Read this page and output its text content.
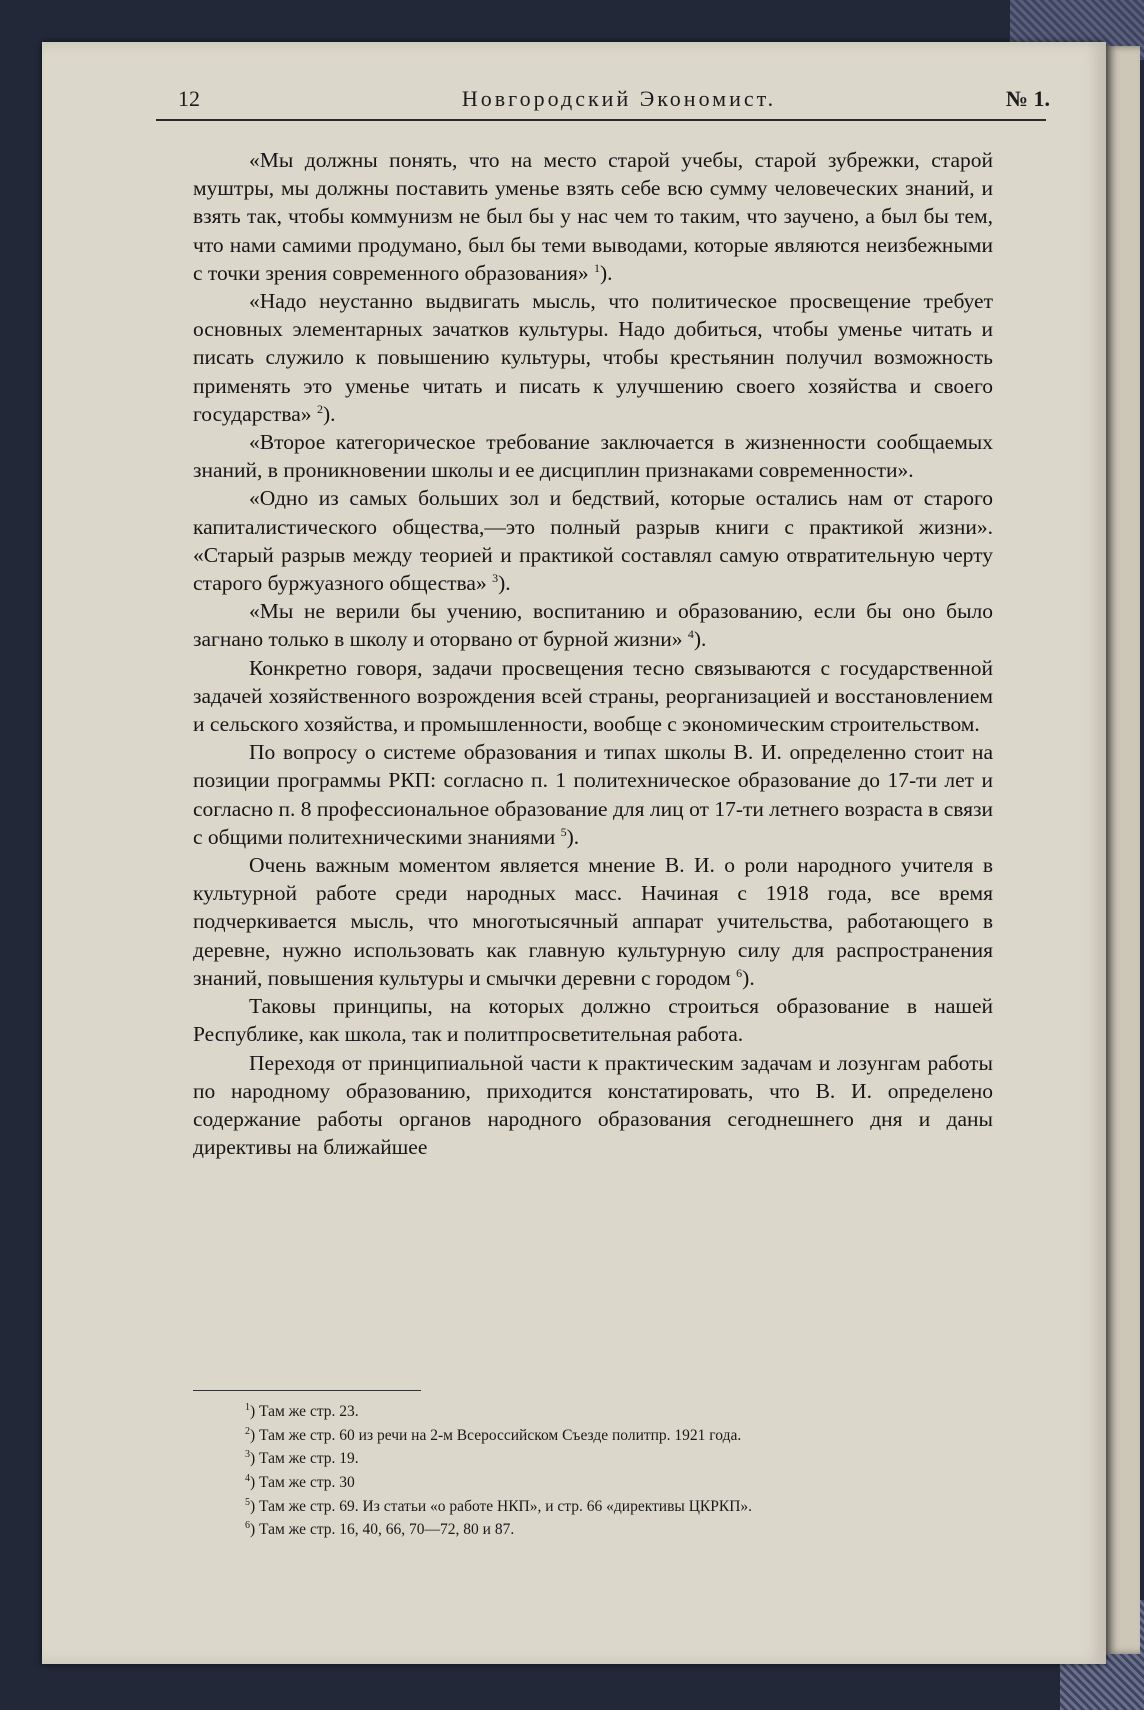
12	Новгородский Экономист.	№ 1.

«Мы должны понять, что на место старой учебы, старой зубрежки, старой муштры, мы должны поставить уменье взять себе всю сумму человеческих знаний, и взять так, чтобы коммунизм не был бы у нас чем то таким, что заучено, а был бы тем, что нами самими продумано, был бы теми выводами, которые являются неизбежными с точки зрения современного образования» $^1$).

«Надо неустанно выдвигать мысль, что политическое просвещение требует основных элементарных зачатков культуры. Надо добиться, чтобы уменье читать и писать служило к повышению культуры, чтобы крестьянин получил возможность применять это уменье читать и писать к улучшению своего хозяйства и своего государства» $^2$).

«Второе категорическое требование заключается в жизненности сообщаемых знаний, в проникновении школы и ее дисциплин признаками современности».

«Одно из самых больших зол и бедствий, которые остались нам от старого капиталистического общества,—это полный разрыв книги с практикой жизни». «Старый разрыв между теорией и практикой составлял самую отвратительную черту старого буржуазного общества» $^3$).

«Мы не верили бы учению, воспитанию и образованию, если бы оно было загнано только в школу и оторвано от бурной жизни» $^4$).

Конкретно говоря, задачи просвещения тесно связываются с государственной задачей хозяйственного возрождения всей страны, реорганизацией и восстановлением и сельского хозяйства, и промышленности, вообще с экономическим строительством.

По вопросу о системе образования и типах школы В. И. определенно стоит на позиции программы РКП: согласно п. 1 политехническое образование до 17-ти лет и согласно п. 8 профессиональное образование для лиц от 17-ти летнего возраста в связи с общими политехническими знаниями $^5$).

Очень важным моментом является мнение В. И. о роли народного учителя в культурной работе среди народных масс. Начиная с 1918 года, все время подчеркивается мысль, что многотысячный аппарат учительства, работающего в деревне, нужно использовать как главную культурную силу для распространения знаний, повышения культуры и смычки деревни с городом $^6$).

Таковы принципы, на которых должно строиться образование в нашей Республике, как школа, так и политпросветительная работа.

Переходя от принципиальной части к практическим задачам и лозунгам работы по народному образованию, приходится констатировать, что В. И. определено содержание работы органов народного образования сегоднешнего дня и даны директивы на ближайшее

$^1$) Там же стр. 23.
$^2$) Там же стр. 60 из речи на 2-м Всероссийском Съезде политпр. 1921 года.
$^3$) Там же стр. 19.
$^4$) Там же стр. 30
$^5$) Там же стр. 69. Из статьи «о работе НКП», и стр. 66 «директивы ЦКРКП».
$^6$) Там же стр. 16, 40, 66, 70—72, 80 и 87.
